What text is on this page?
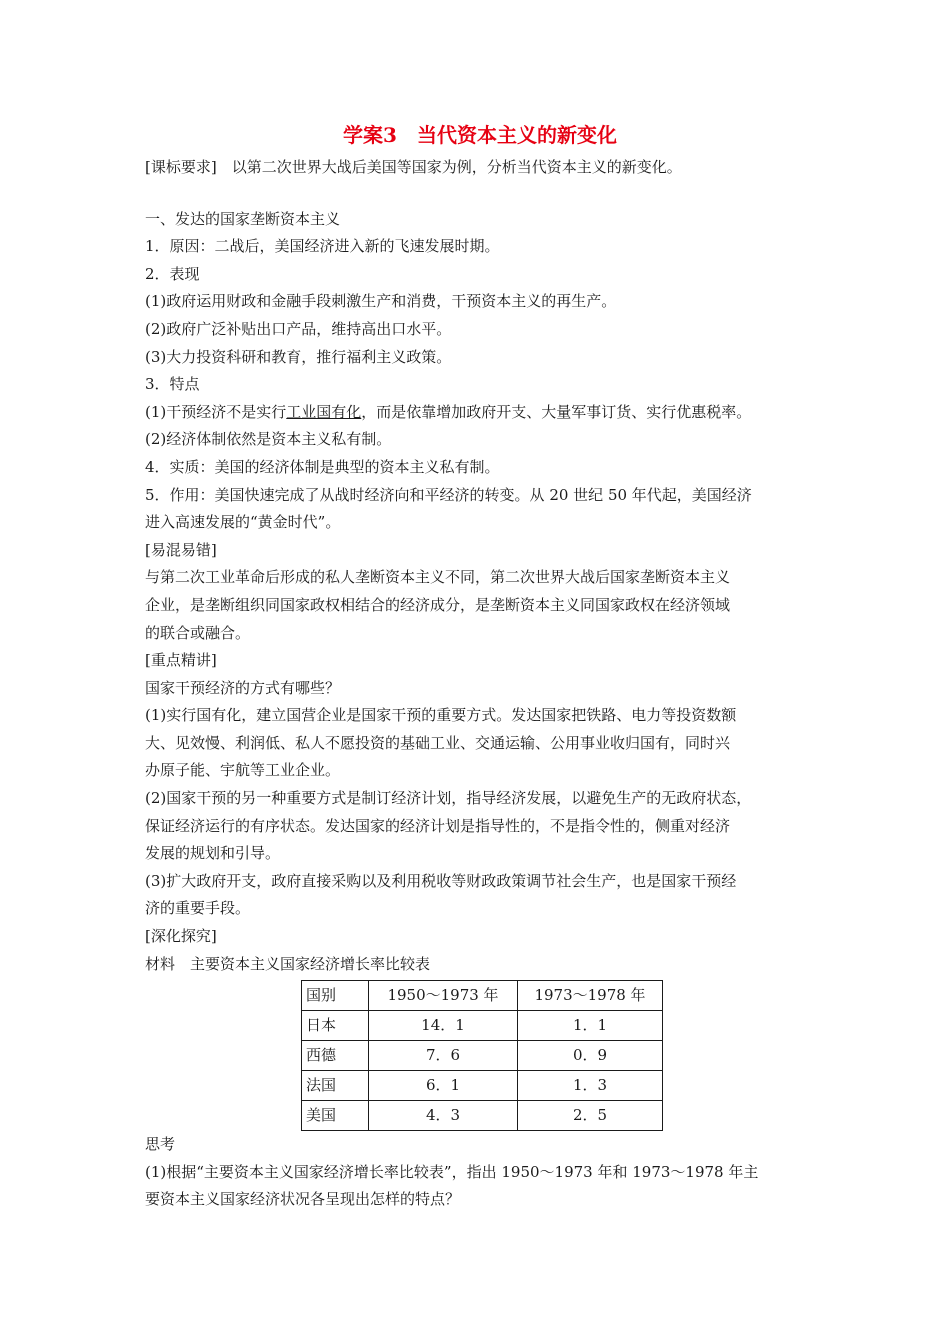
学案3　当代资本主义的新变化

[课标要求]　以第二次世界大战后美国等国家为例，分析当代资本主义的新变化。

一、发达的国家垄断资本主义

1．原因：二战后，美国经济进入新的飞速发展时期。

2．表现

(1)政府运用财政和金融手段刺激生产和消费，干预资本主义的再生产。

(2)政府广泛补贴出口产品，维持高出口水平。

(3)大力投资科研和教育，推行福利主义政策。

3．特点

(1)干预经济不是实行工业国有化，而是依靠增加政府开支、大量军事订货、实行优惠税率。

(2)经济体制依然是资本主义私有制。

4．实质：美国的经济体制是典型的资本主义私有制。

5．作用：美国快速完成了从战时经济向和平经济的转变。从 20 世纪 50 年代起，美国经济

进入高速发展的“黄金时代”。

[易混易错]

与第二次工业革命后形成的私人垄断资本主义不同，第二次世界大战后国家垄断资本主义

企业，是垄断组织同国家政权相结合的经济成分，是垄断资本主义同国家政权在经济领域

的联合或融合。

[重点精讲]

国家干预经济的方式有哪些？

(1)实行国有化，建立国营企业是国家干预的重要方式。发达国家把铁路、电力等投资数额

大、见效慢、利润低、私人不愿投资的基础工业、交通运输、公用事业收归国有，同时兴

办原子能、宇航等工业企业。

(2)国家干预的另一种重要方式是制订经济计划，指导经济发展，以避免生产的无政府状态，

保证经济运行的有序状态。发达国家的经济计划是指导性的，不是指令性的，侧重对经济

发展的规划和引导。

(3)扩大政府开支，政府直接采购以及利用税收等财政政策调节社会生产，也是国家干预经

济的重要手段。

[深化探究]

材料　主要资本主义国家经济增长率比较表

国别	1950～1973 年	1973～1978 年
日本	14．1	1．1
西德	7．6	0．9
法国	6．1	1．3
美国	4．3	2．5

思考

(1)根据“主要资本主义国家经济增长率比较表”，指出 1950～1973 年和 1973～1978 年主

要资本主义国家经济状况各呈现出怎样的特点？
